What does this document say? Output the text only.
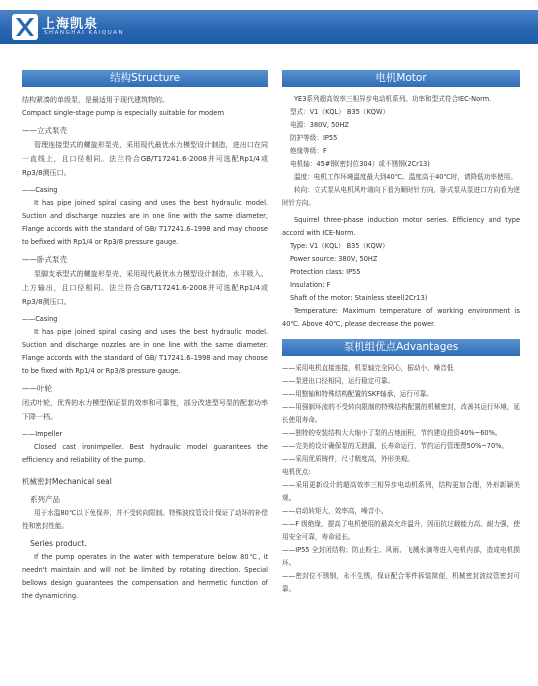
上海凯泉
SHANGHAI KAIQUAN
结构Structure

结构紧凑的单级泵，是最适用于现代建筑物的。

Compact single-stage pump is especially suitable for modern

——立式泵壳

管理连接型式的螺旋形泵壳，采用现代最优水力模型设计制造，进出口在同一直线上，且口径相同。法兰符合GB/T17241.6-2008并可选配Rp1/4或Rp3/8测压口。

——Casing

It has pipe joined spiral casing and uses the best hydraulic model. Suction and discharge nozzles are in one line with the same diameter, Flange accords with the standard of GB/ T17241.6–1998 and may choose to befixed with Rp1/4 or Rp3/8 pressure gauge.

——卧式泵壳

泵脚支承型式的螺旋形泵壳，采用现代最优水力模型设计制造，水平吸入、上方输出，且口径相同。法兰符合GB/T17241.6-2008并可选配Rp1/4或Rp3/8测压口。

——Casing

It has pipe joined spiral casing and uses the best hydraulic model. Suction and discharge nozzles are in one line with the same diameter. Flange accords with the standard of GB/ T17241.6–1998 and may choose to be fixed with Rp1/4 or Rp3/8 pressure gauge.

——叶轮

闭式叶轮，优秀的水力模型保证泵的效率和可靠性，部分改进型号泵的配套功率下降一档。

——Impeller

Closed cast ironimpeller. Best hydraulic model guarantees the efficiency and reliability of the pump.

机械密封Mechanical seal

系列产品

用于水温80℃以下免保养，并不受转向限制。特殊波纹管设计保证了动环的补偿性和密封性能。

Series product.

If the pump operates in the water with temperature below 80℃, it needn't maintain and will not be limited by rotating direction. Special bellows design guarantees the compensation and hermetic function of the dynamicring.

电机Motor

YE3系列超高效率三相异步电动机系列。功率和型式符合IEC-Norm.

型式：V1（KQL） B35（KQW）

电源：380V, 50HZ

防护等级：IP55

绝缘等级：F

电机轴：45#钢(密封位304）或不锈钢(2Cr13)

温度：电机工作环境温度最大到40℃。温度高于40℃时，请降低功率使用。

转向：立式泵从电机风叶端向下看为顺时针方向，卧式泵从泵进口方向看为逆时针方向。

Squirrel three-phase induction motor series. Efficiency and type accord with ICE-Norm.

Type: V1（KQL） B35（KQW）

Power source: 380V, 50HZ

Protection class: IP55

Insulation: F

Shaft of the motor: Stainless steel(2Cr13)

Temperature: Maximum temperature of working environment is 40℃. Above 40℃, please decrease the power.

泵机组优点Advantages

——采用电机直接连接，机泵轴完全同心，振动小、噪音低

——泵进出口径相同，运行稳定可靠。

——用整轴和特殊结构配置的SKF轴承，运行可靠。

——用强制环流的不受转向限制的特殊结构配置的机械密封，改善其运行环境，延长使用寿命。

——独特的安装结构大大缩小了泵的占地面积，节约建设投资40%~60%。

——完美的设计确保泵的无泄漏，长寿命运行，节约运行管理费50%~70%。

——采用优质铸件，尺寸精度高，外形美观。

电机优点:

——采用更新设计的超高效率三相异步电动机系列，结构更加合理，外形新颖美观。

——启动转矩大，效率高，噪音小。

——F 级绝缘，提高了电机使用的最高允许温升，因而抗过载能力高、耐力强，使用安全可靠，寿命延长。

——IP55 全封闭结构；防止粉尘、风雨、飞溅水滴等进入电机内部，造成电机损坏。

——密封位不锈钢，永不生锈，保证配合零件拆装简便，机械密封波纹管密封可靠。
